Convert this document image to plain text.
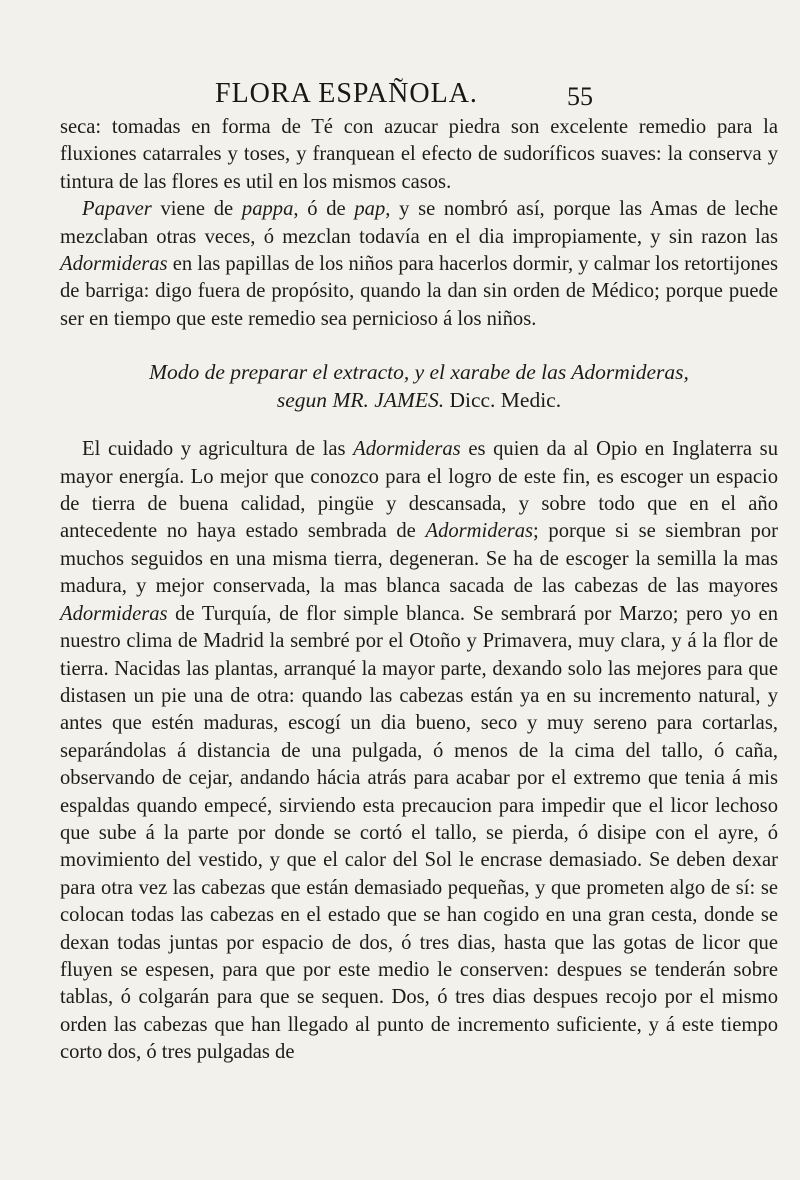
FLORA ESPAÑOLA.	55

seca: tomadas en forma de Té con azucar piedra son excelente remedio para la fluxiones catarrales y toses, y franquean el efecto de sudoríficos suaves: la conserva y tintura de las flores es util en los mismos casos.

Papaver viene de pappa, ó de pap, y se nombró así, porque las Amas de leche mezclaban otras veces, ó mezclan todavía en el dia impropiamente, y sin razon las Adormideras en las papillas de los niños para hacerlos dormir, y calmar los retortijones de barriga: digo fuera de propósito, quando la dan sin orden de Médico; porque puede ser en tiempo que este remedio sea pernicioso á los niños.

Modo de preparar el extracto, y el xarabe de las Adormideras,
segun MR. JAMES. Dicc. Medic.

El cuidado y agricultura de las Adormideras es quien da al Opio en Inglaterra su mayor energía. Lo mejor que conozco para el logro de este fin, es escoger un espacio de tierra de buena calidad, pingüe y descansada, y sobre todo que en el año antecedente no haya estado sembrada de Adormideras; porque si se siembran por muchos seguidos en una misma tierra, degeneran. Se ha de escoger la semilla la mas madura, y mejor conservada, la mas blanca sacada de las cabezas de las mayores Adormideras de Turquía, de flor simple blanca. Se sembrará por Marzo; pero yo en nuestro clima de Madrid la sembré por el Otoño y Primavera, muy clara, y á la flor de tierra. Nacidas las plantas, arranqué la mayor parte, dexando solo las mejores para que distasen un pie una de otra: quando las cabezas están ya en su incremento natural, y antes que estén maduras, escogí un dia bueno, seco y muy sereno para cortarlas, separándolas á distancia de una pulgada, ó menos de la cima del tallo, ó caña, observando de cejar, andando hácia atrás para acabar por el extremo que tenia á mis espaldas quando empecé, sirviendo esta precaucion para impedir que el licor lechoso que sube á la parte por donde se cortó el tallo, se pierda, ó disipe con el ayre, ó movimiento del vestido, y que el calor del Sol le encrase demasiado. Se deben dexar para otra vez las cabezas que están demasiado pequeñas, y que prometen algo de sí: se colocan todas las cabezas en el estado que se han cogido en una gran cesta, donde se dexan todas juntas por espacio de dos, ó tres dias, hasta que las gotas de licor que fluyen se espesen, para que por este medio le conserven: despues se tenderán sobre tablas, ó colgarán para que se sequen. Dos, ó tres dias despues recojo por el mismo orden las cabezas que han llegado al punto de incremento suficiente, y á este tiempo corto dos, ó tres pulgadas de
